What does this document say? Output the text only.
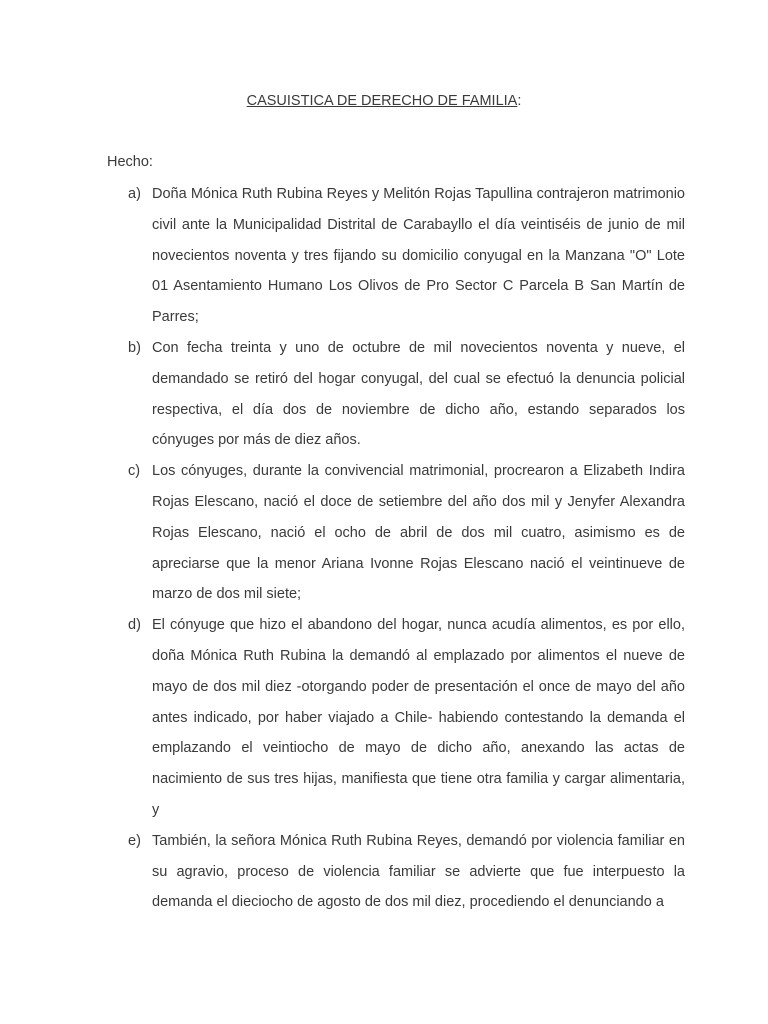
CASUISTICA DE DERECHO DE FAMILIA:
Hecho:
a) Doña Mónica Ruth Rubina Reyes y Melitón Rojas Tapullina contrajeron matrimonio civil ante la Municipalidad Distrital de Carabayllo el día veintiséis de junio de mil novecientos noventa y tres fijando su domicilio conyugal en la Manzana "O" Lote 01 Asentamiento Humano Los Olivos de Pro Sector C Parcela B San Martín de Parres;
b) Con fecha treinta y uno de octubre de mil novecientos noventa y nueve, el demandado se retiró del hogar conyugal, del cual se efectuó la denuncia policial respectiva, el día dos de noviembre de dicho año, estando separados los cónyuges por más de diez años.
c) Los cónyuges, durante la convivencial matrimonial, procrearon a Elizabeth Indira Rojas Elescano, nació el doce de setiembre del año dos mil y Jenyfer Alexandra Rojas Elescano, nació el ocho de abril de dos mil cuatro, asimismo es de apreciarse que la menor Ariana Ivonne Rojas Elescano nació el veintinueve de marzo de dos mil siete;
d) El cónyuge que hizo el abandono del hogar, nunca acudía alimentos, es por ello, doña Mónica Ruth Rubina la demandó al emplazado por alimentos el nueve de mayo de dos mil diez -otorgando poder de presentación el once de mayo del año antes indicado, por haber viajado a Chile- habiendo contestando la demanda el emplazando el veintiocho de mayo de dicho año, anexando las actas de nacimiento de sus tres hijas, manifiesta que tiene otra familia y cargar alimentaria, y
e) También, la señora Mónica Ruth Rubina Reyes, demandó por violencia familiar en su agravio, proceso de violencia familiar se advierte que fue interpuesto la demanda el dieciocho de agosto de dos mil diez, procediendo el denunciando a
